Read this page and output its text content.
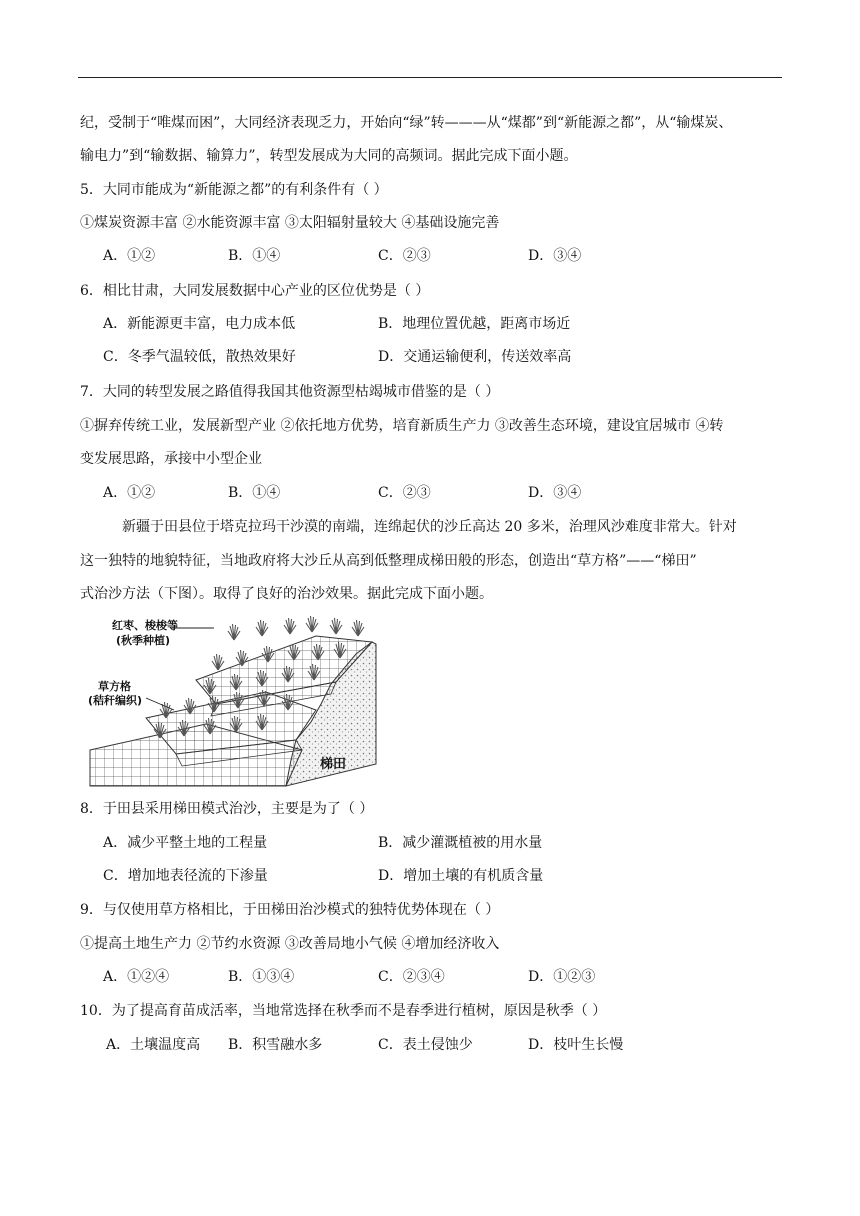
纪，受制于“唯煤而困”，大同经济表现乏力，开始向“绿”转———从“煤都”到“新能源之都”，从“输煤炭、
输电力”到“输数据、输算力”，转型发展成为大同的高频词。据此完成下面小题。
5．大同市能成为“新能源之都”的有利条件有（ ）
①煤炭资源丰富 ②水能资源丰富 ③太阳辐射量较大 ④基础设施完善
A．①②	B．①④	C．②③	D．③④
6．相比甘肃，大同发展数据中心产业的区位优势是（ ）
A．新能源更丰富，电力成本低	B．地理位置优越，距离市场近
C．冬季气温较低，散热效果好	D．交通运输便利，传送效率高
7．大同的转型发展之路值得我国其他资源型枯竭城市借鉴的是（ ）
①摒弃传统工业，发展新型产业 ②依托地方优势，培育新质生产力 ③改善生态环境，建设宜居城市 ④转
变发展思路，承接中小型企业
A．①②	B．①④	C．②③	D．③④
新疆于田县位于塔克拉玛干沙漠的南端，连绵起伏的沙丘高达 20 多米，治理风沙难度非常大。针对
这一独特的地貌特征，当地政府将大沙丘从高到低整理成梯田般的形态，创造出“草方格”——“梯田”
式治沙方法（下图）。取得了良好的治沙效果。据此完成下面小题。
红枣、梭梭等
(秋季种植)
草方格
(秸秆编织)
梯田
8．于田县采用梯田模式治沙，主要是为了（ ）
A．减少平整土地的工程量	B．减少灌溉植被的用水量
C．增加地表径流的下渗量	D．增加土壤的有机质含量
9．与仅使用草方格相比，于田梯田治沙模式的独特优势体现在（ ）
①提高土地生产力 ②节约水资源 ③改善局地小气候 ④增加经济收入
A．①②④	B．①③④	C．②③④	D．①②③
10．为了提高育苗成活率，当地常选择在秋季而不是春季进行植树，原因是秋季（ ）
A．土壤温度高 B．积雪融水多	C．表土侵蚀少	D．枝叶生长慢
